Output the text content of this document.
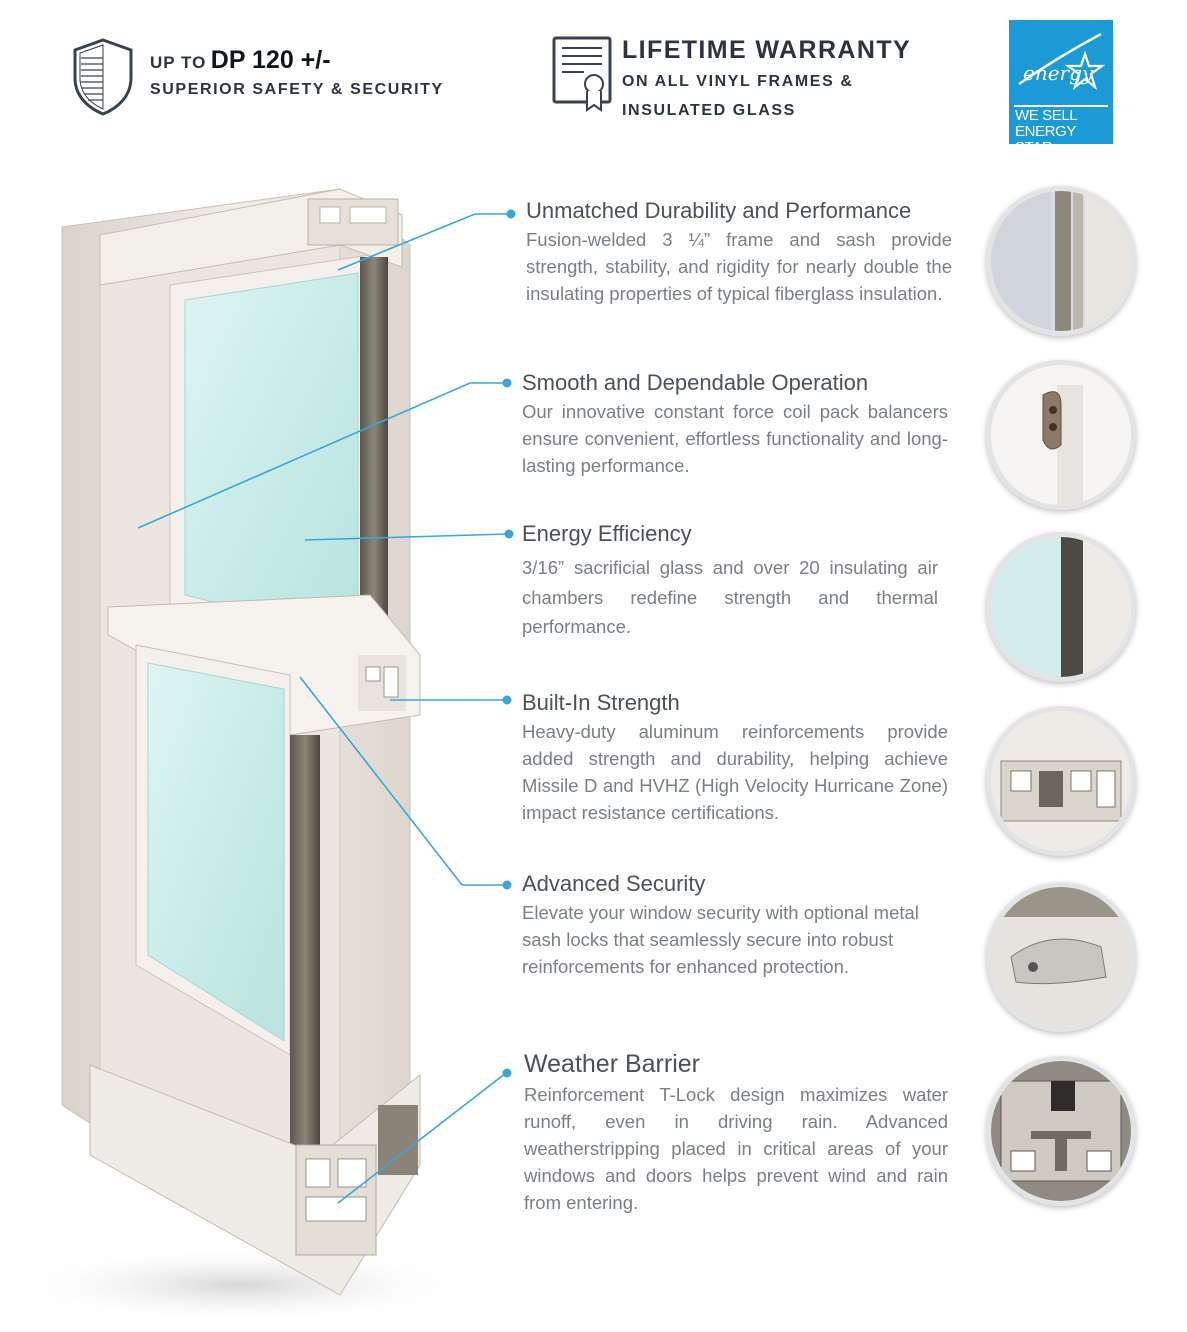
UP TO DP 120 +/-
SUPERIOR SAFETY & SECURITY
LIFETIME WARRANTY
ON ALL VINYL FRAMES &
INSULATED GLASS
energy
WE SELL
ENERGY STAR
Unmatched Durability and Performance

Fusion-welded 3 ¼” frame and sash provide strength, stability, and rigidity for nearly double the insulating properties of typical fiberglass insulation.

Smooth and Dependable Operation

Our innovative constant force coil pack balancers ensure convenient, effortless functionality and long-lasting performance.

Energy Efficiency

3/16” sacrificial glass and over 20 insulating air chambers redefine strength and thermal performance.

Built-In Strength

Heavy-duty aluminum reinforcements provide added strength and durability, helping achieve Missile D and HVHZ (High Velocity Hurricane Zone) impact resistance certifications.

Advanced Security

Elevate your window security with optional metal sash locks that seamlessly secure into robust reinforcements for enhanced protection.

Weather Barrier

Reinforcement T-Lock design maximizes water runoff, even in driving rain. Advanced weatherstripping placed in critical areas of your windows and doors helps prevent wind and rain from entering.
